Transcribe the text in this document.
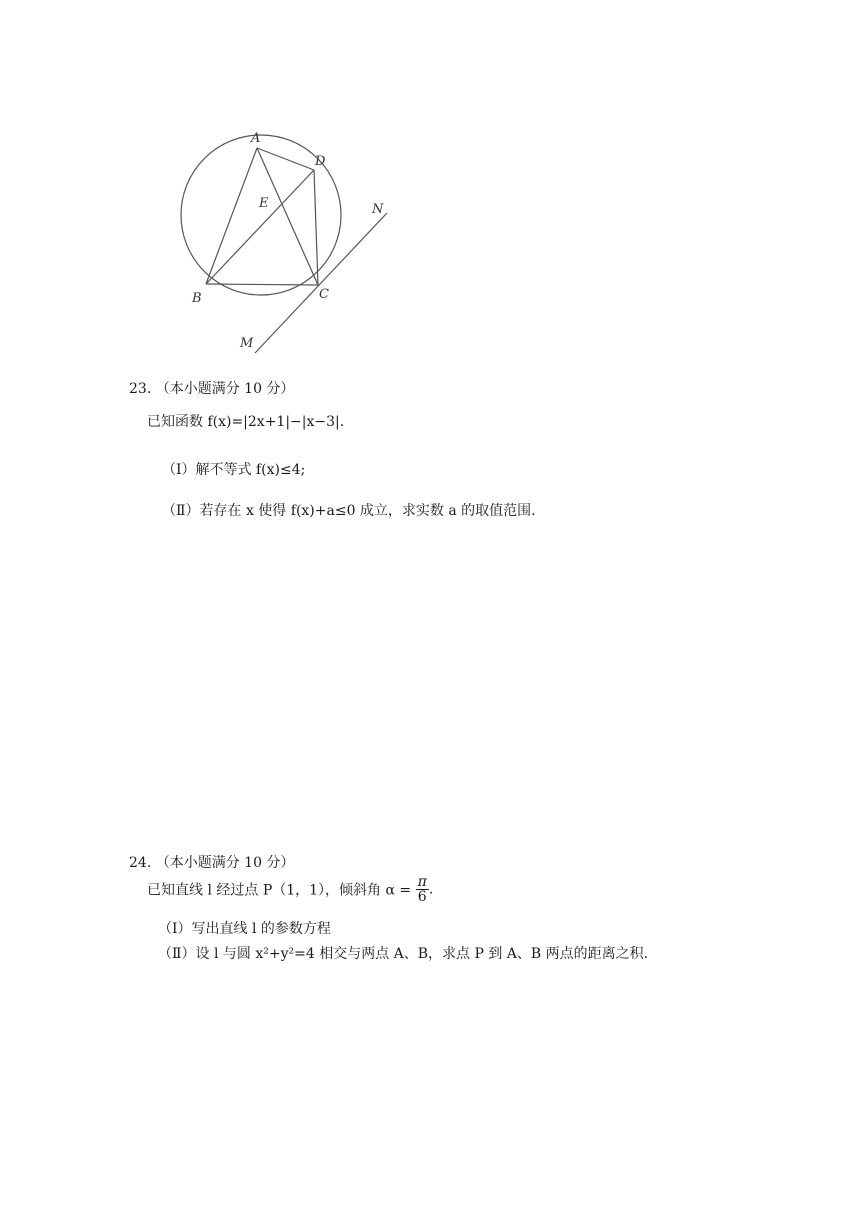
A
D
E	N
B	C
M
23. （本小题满分 10 分）
已知函数 f(x)=|2x+1|−|x−3|.
（Ⅰ）解不等式 f(x)≤4;
（Ⅱ）若存在 x 使得 f(x)+a≤0 成立，求实数 a 的取值范围.
24. （本小题满分 10 分）
已知直线 l 经过点 P（1，1），倾斜角 $\alpha = \frac{\pi}{6}$ .
（Ⅰ）写出直线 l 的参数方程
（Ⅱ）设 l 与圆 x²+y²=4 相交与两点 A、B，求点 P 到 A、B 两点的距离之积.
